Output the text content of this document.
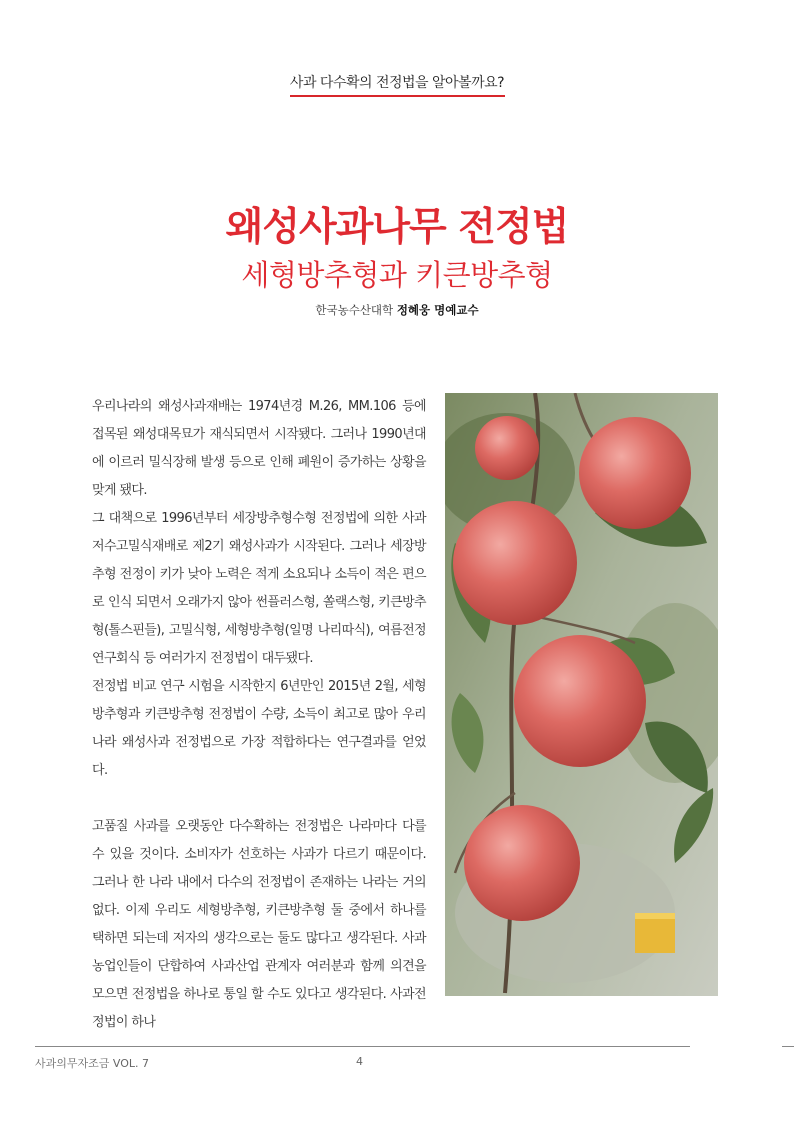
사과 다수확의 전정법을 알아볼까요?
왜성사과나무 전정법
세형방추형과 키큰방추형
한국농수산대학 정혜웅 명예교수

우리나라의 왜성사과재배는 1974년경 M.26, MM.106 등에 접목된 왜성대목묘가 재식되면서 시작됐다. 그러나 1990년대에 이르러 밀식장해 발생 등으로 인해 폐원이 증가하는 상황을 맞게 됐다.

그 대책으로 1996년부터 세장방추형수형 전정법에 의한 사과 저수고밀식재배로 제2기 왜성사과가 시작된다. 그러나 세장방추형 전정이 키가 낮아 노력은 적게 소요되나 소득이 적은 편으로 인식 되면서 오래가지 않아 썬플러스형, 쏠랙스형, 키큰방추형(톨스핀들), 고밀식형, 세형방추형(일명 나리따식), 여름전정연구회식 등 여러가지 전정법이 대두됐다.

전정법 비교 연구 시험을 시작한지 6년만인 2015년 2월, 세형방추형과 키큰방추형 전정법이 수량, 소득이 최고로 많아 우리나라 왜성사과 전정법으로 가장 적합하다는 연구결과를 얻었다.

고품질 사과를 오랫동안 다수확하는 전정법은 나라마다 다를 수 있을 것이다. 소비자가 선호하는 사과가 다르기 때문이다. 그러나 한 나라 내에서 다수의 전정법이 존재하는 나라는 거의 없다. 이제 우리도 세형방추형, 키큰방추형 둘 중에서 하나를 택하면 되는데 저자의 생각으로는 둘도 많다고 생각된다. 사과농업인들이 단합하여 사과산업 관계자 여러분과 함께 의견을 모으면 전정법을 하나로 통일 할 수도 있다고 생각된다. 사과전정법이 하나

사과의무자조금 VOL. 7	4
